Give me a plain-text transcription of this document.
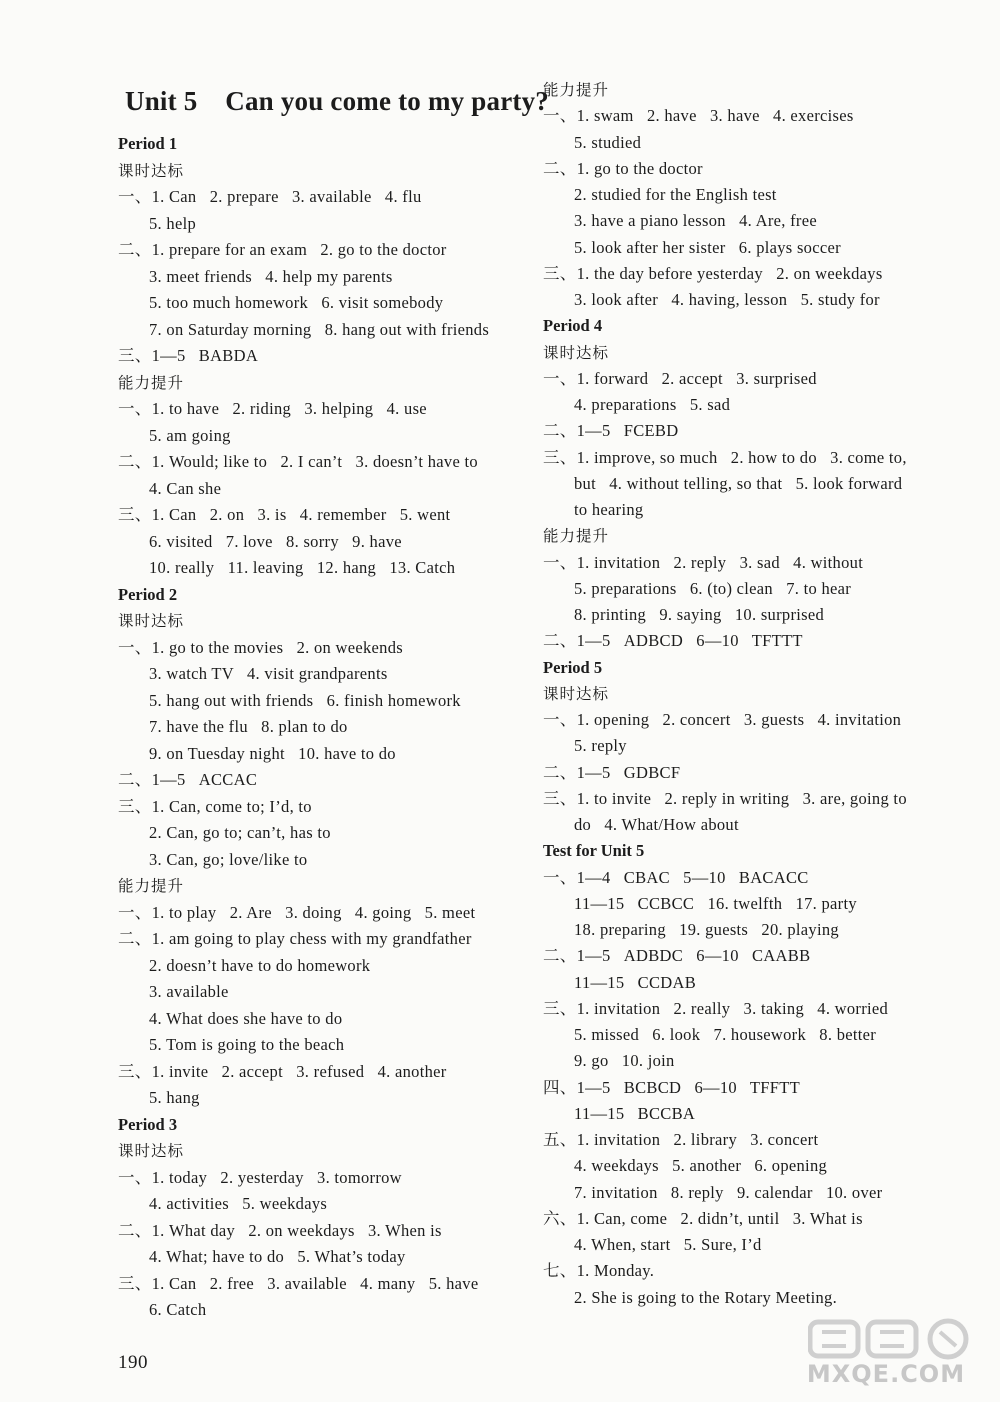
Unit 5    Can you come to my party?
Period 1
课时达标
一、1. Can   2. prepare   3. available   4. flu
5. help
二、1. prepare for an exam   2. go to the doctor
3. meet friends   4. help my parents
5. too much homework   6. visit somebody
7. on Saturday morning   8. hang out with friends
三、1—5   BABDA
能力提升
一、1. to have   2. riding   3. helping   4. use
5. am going
二、1. Would; like to   2. I can’t   3. doesn’t have to
4. Can she
三、1. Can   2. on   3. is   4. remember   5. went
6. visited   7. love   8. sorry   9. have
10. really   11. leaving   12. hang   13. Catch
Period 2
课时达标
一、1. go to the movies   2. on weekends
3. watch TV   4. visit grandparents
5. hang out with friends   6. finish homework
7. have the flu   8. plan to do
9. on Tuesday night   10. have to do
二、1—5   ACCAC
三、1. Can, come to; I’d, to
2. Can, go to; can’t, has to
3. Can, go; love/like to
能力提升
一、1. to play   2. Are   3. doing   4. going   5. meet
二、1. am going to play chess with my grandfather
2. doesn’t have to do homework
3. available
4. What does she have to do
5. Tom is going to the beach
三、1. invite   2. accept   3. refused   4. another
5. hang
Period 3
课时达标
一、1. today   2. yesterday   3. tomorrow
4. activities   5. weekdays
二、1. What day   2. on weekdays   3. When is
4. What; have to do   5. What’s today
三、1. Can   2. free   3. available   4. many   5. have
6. Catch
能力提升
一、1. swam   2. have   3. have   4. exercises
5. studied
二、1. go to the doctor
2. studied for the English test
3. have a piano lesson   4. Are, free
5. look after her sister   6. plays soccer
三、1. the day before yesterday   2. on weekdays
3. look after   4. having, lesson   5. study for
Period 4
课时达标
一、1. forward   2. accept   3. surprised
4. preparations   5. sad
二、1—5   FCEBD
三、1. improve, so much   2. how to do   3. come to,
but   4. without telling, so that   5. look forward
to hearing
能力提升
一、1. invitation   2. reply   3. sad   4. without
5. preparations   6. (to) clean   7. to hear
8. printing   9. saying   10. surprised
二、1—5   ADBCD   6—10   TFTTT
Period 5
课时达标
一、1. opening   2. concert   3. guests   4. invitation
5. reply
二、1—5   GDBCF
三、1. to invite   2. reply in writing   3. are, going to
do   4. What/How about
Test for Unit 5
一、1—4   CBAC   5—10   BACACC
11—15   CCBCC   16. twelfth   17. party
18. preparing   19. guests   20. playing
二、1—5   ADBDC   6—10   CAABB
11—15   CCDAB
三、1. invitation   2. really   3. taking   4. worried
5. missed   6. look   7. housework   8. better
9. go   10. join
四、1—5   BCBCD   6—10   TFFTT
11—15   BCCBA
五、1. invitation   2. library   3. concert
4. weekdays   5. another   6. opening
7. invitation   8. reply   9. calendar   10. over
六、1. Can, come   2. didn’t, until   3. What is
4. When, start   5. Sure, I’d
七、1. Monday.
2. She is going to the Rotary Meeting.
190	MXQE.COM
